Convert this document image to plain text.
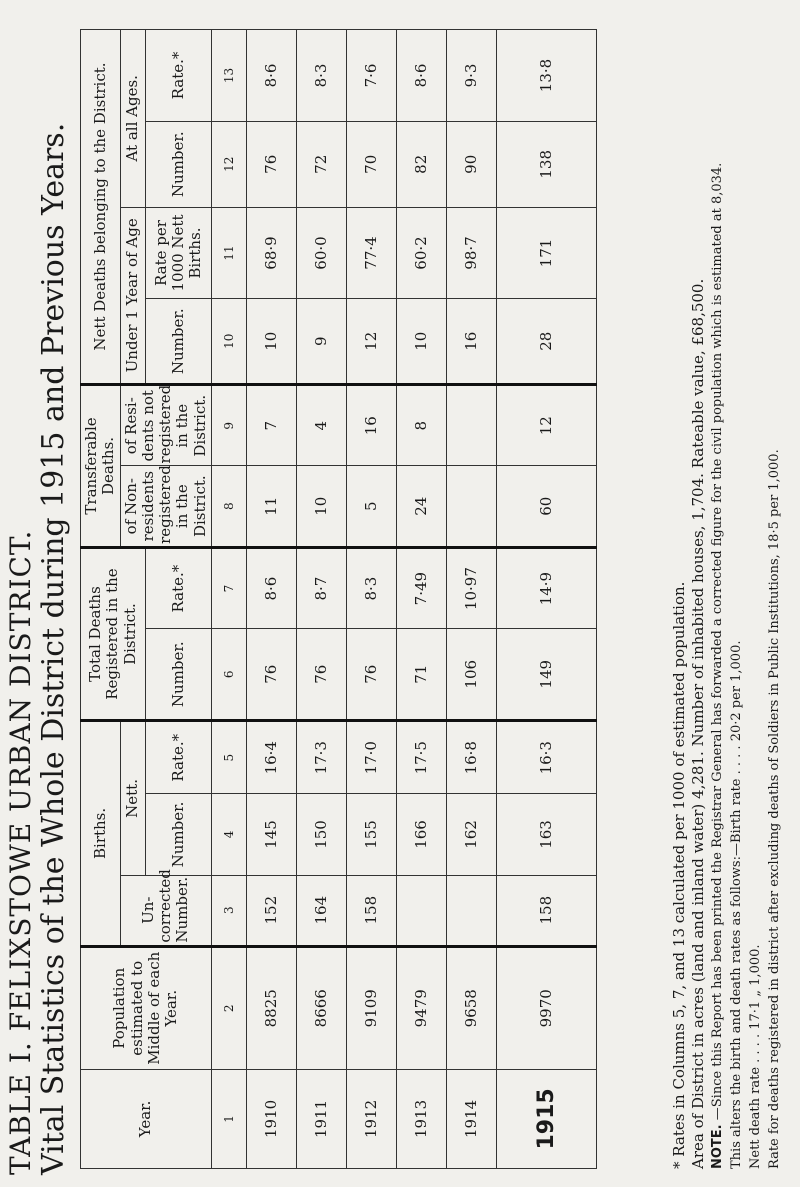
TABLE I. FELIXSTOWE URBAN DISTRICT. Vital Statistics of the Whole District during 1915 and Previous Years.	Year.	Population estimated to Middle of each Year.	Births.			Total Deaths Registered in the District.		Transferable Deaths.		Nett Deaths belonging to the District.			
		Un-corrected Number.	Nett.				of Non-residents registered in the District.	of Resi-dents not registered in the District.	Under 1 Year of Age		At all Ages.	
			Number.	Rate.*	Number.	Rate.*			Number.	Rate per 1000 Nett Births.	Number.	Rate.*
1	2	3	4	5	6	7	8	9	10	11	12	13
1910	8825	152	145	16·4	76	8·6	11	7	10	68·9	76	8·6
1911	8666	164	150	17·3	76	8·7	10	4	9	60·0	72	8·3
1912	9109	158	155	17·0	76	8·3	5	16	12	77·4	70	7·6
1913	9479		166	17·5	71	7·49	24	8	10	60·2	82	8·6
1914	9658		162	16·8	106	10·97			16	98·7	90	9·3
1915	9970	158	163	16·3	149	14·9	60	12	28	171	138	13·8
* Rates in Columns 5, 7, and 13 calculated per 1000 of estimated population. Area of District in acres (land and inland water) 4,281. Number of inhabited houses, 1,704. Rateable value, £68,500. NOTE. —Since this Report has been printed the Registrar General has forwarded a corrected figure for the civil population which is estimated at 8,034. This alters the birth and death rates as follows:—Birth rate . . . . 20·2 per 1,000. Nett death rate . . . . 17·1 „ 1,000. Rate for deaths registered in district after excluding deaths of Soldiers in Public Institutions, 18·5 per 1,000.
